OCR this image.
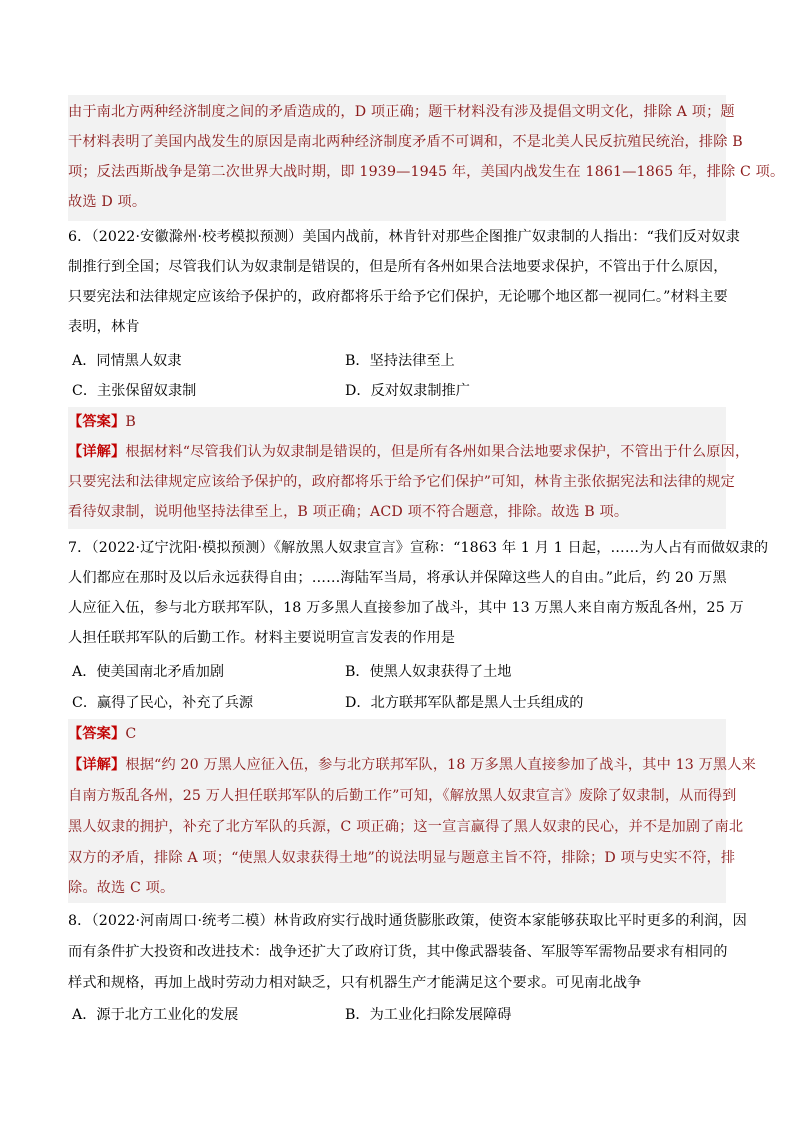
由于南北方两种经济制度之间的矛盾造成的，D 项正确；题干材料没有涉及提倡文明文化，排除 A 项；题
干材料表明了美国内战发生的原因是南北两种经济制度矛盾不可调和，不是北美人民反抗殖民统治，排除 B
项；反法西斯战争是第二次世界大战时期，即 1939—1945 年，美国内战发生在 1861—1865 年，排除 C 项。
故选 D 项。
6．（2022·安徽滁州·校考模拟预测）美国内战前，林肯针对那些企图推广奴隶制的人指出：“我们反对奴隶
制推行到全国；尽管我们认为奴隶制是错误的，但是所有各州如果合法地要求保护，不管出于什么原因，
只要宪法和法律规定应该给予保护的，政府都将乐于给予它们保护，无论哪个地区都一视同仁。”材料主要
表明，林肯
A．同情黑人奴隶	B．坚持法律至上
C．主张保留奴隶制	D．反对奴隶制推广
【答案】B
【详解】根据材料“尽管我们认为奴隶制是错误的，但是所有各州如果合法地要求保护，不管出于什么原因，
只要宪法和法律规定应该给予保护的，政府都将乐于给予它们保护”可知，林肯主张依据宪法和法律的规定
看待奴隶制，说明他坚持法律至上，B 项正确；ACD 项不符合题意，排除。故选 B 项。
7．（2022·辽宁沈阳·模拟预测）《解放黑人奴隶宣言》宣称：“1863 年 1 月 1 日起，……为人占有而做奴隶的
人们都应在那时及以后永远获得自由；……海陆军当局，将承认并保障这些人的自由。”此后，约 20 万黑
人应征入伍，参与北方联邦军队，18 万多黑人直接参加了战斗，其中 13 万黑人来自南方叛乱各州，25 万
人担任联邦军队的后勤工作。材料主要说明宣言发表的作用是
A．使美国南北矛盾加剧	B．使黑人奴隶获得了土地
C．赢得了民心，补充了兵源	D．北方联邦军队都是黑人士兵组成的
【答案】C
【详解】根据“约 20 万黑人应征入伍，参与北方联邦军队，18 万多黑人直接参加了战斗，其中 13 万黑人来
自南方叛乱各州，25 万人担任联邦军队的后勤工作”可知，《解放黑人奴隶宣言》废除了奴隶制，从而得到
黑人奴隶的拥护，补充了北方军队的兵源，C 项正确；这一宣言赢得了黑人奴隶的民心，并不是加剧了南北
双方的矛盾，排除 A 项；“使黑人奴隶获得土地”的说法明显与题意主旨不符，排除；D 项与史实不符，排
除。故选 C 项。
8．（2022·河南周口·统考二模）林肯政府实行战时通货膨胀政策，使资本家能够获取比平时更多的利润，因
而有条件扩大投资和改进技术：战争还扩大了政府订货，其中像武器装备、军服等军需物品要求有相同的
样式和规格，再加上战时劳动力相对缺乏，只有机器生产才能满足这个要求。可见南北战争
A．源于北方工业化的发展	B．为工业化扫除发展障碍
